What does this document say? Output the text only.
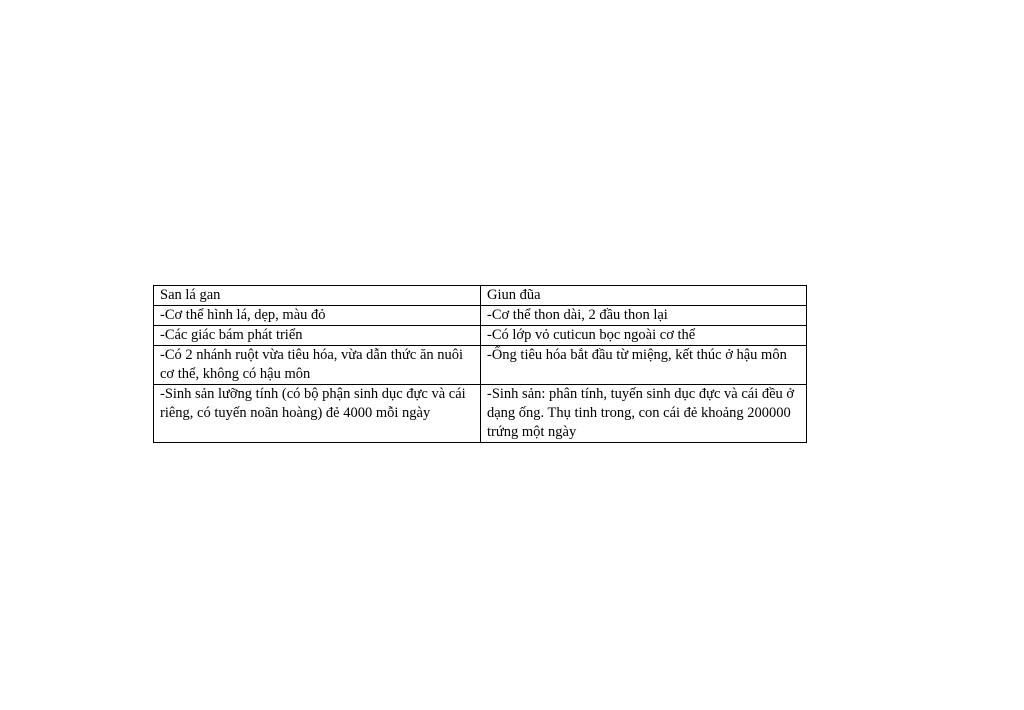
San lá gan	Giun đũa
-Cơ thể hình lá, dẹp, màu đỏ	-Cơ thể thon dài, 2 đầu thon lại
-Các giác bám phát triển	-Có lớp vỏ cuticun bọc ngoài cơ thể
-Có 2 nhánh ruột vừa tiêu hóa, vừa dẫn thức ăn nuôi cơ thể, không có hậu môn	-Ống tiêu hóa bắt đầu từ miệng, kết thúc ở hậu môn
-Sinh sản lưỡng tính (có bộ phận sinh dục đực và cái riêng, có tuyến noãn hoàng) đẻ 4000 mỗi ngày	-Sinh sản: phân tính, tuyến sinh dục đực và cái đều ở dạng ống. Thụ tinh trong, con cái đẻ khoảng 200000 trứng một ngày
